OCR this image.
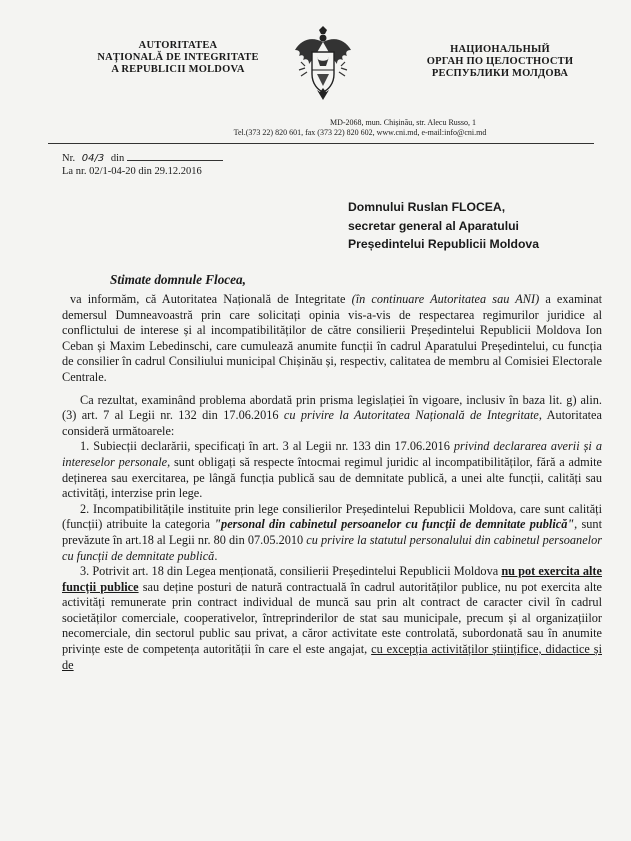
AUTORITATEA
NAȚIONALĂ DE INTEGRITATE
A REPUBLICII MOLDOVA
НАЦИОНАЛЬНЫЙ
ОРГАН ПО ЦЕЛОСТНОСТИ
РЕСПУБЛИКИ МОЛДОВА
MD-2068, mun. Chișinău, str. Alecu Russo, 1
Tel.(373 22) 820 601, fax (373 22) 820 602, www.cni.md, e-mail:info@cni.md
Nr. 04/3 din
La nr. 02/1-04-20 din 29.12.2016
Domnului Ruslan FLOCEA,
secretar general al Aparatului
Președintelui Republicii Moldova
Stimate domnule Flocea,

va informăm, că Autoritatea Națională de Integritate (în continuare Autoritatea sau ANI) a examinat demersul Dumneavoastră prin care solicitați opinia vis-a-vis de respectarea regimurilor juridice al conflictului de interese și al incompatibilităților de către consilierii Președintelui Republicii Moldova Ion Ceban și Maxim Lebedinschi, care cumulează anumite funcții în cadrul Aparatului Președintelui, cu funcția de consilier în cadrul Consiliului municipal Chișinău și, respectiv, calitatea de membru al Comisiei Electorale Centrale.

Ca rezultat, examinând problema abordată prin prisma legislației în vigoare, inclusiv în baza lit. g) alin. (3) art. 7 al Legii nr. 132 din 17.06.2016 cu privire la Autoritatea Națională de Integritate, Autoritatea consideră următoarele:

1. Subiecții declarării, specificați în art. 3 al Legii nr. 133 din 17.06.2016 privind declararea averii și a intereselor personale, sunt obligați să respecte întocmai regimul juridic al incompatibilităților, fără a admite deținerea sau exercitarea, pe lângă funcția publică sau de demnitate publică, a unei alte funcții, calități sau activități, interzise prin lege.

2. Incompatibilitățile instituite prin lege consilierilor Președintelui Republicii Moldova, care sunt calități (funcții) atribuite la categoria "personal din cabinetul persoanelor cu funcții de demnitate publică", sunt prevăzute în art.18 al Legii nr. 80 din 07.05.2010 cu privire la statutul personalului din cabinetul persoanelor cu funcții de demnitate publică.

3. Potrivit art. 18 din Legea menționată, consilierii Președintelui Republicii Moldova nu pot exercita alte funcții publice sau deține posturi de natură contractuală în cadrul autorităților publice, nu pot exercita alte activități remunerate prin contract individual de muncă sau prin alt contract de caracter civil în cadrul societăților comerciale, cooperativelor, întreprinderilor de stat sau municipale, precum și al organizațiilor necomerciale, din sectorul public sau privat, a căror activitate este controlată, subordonată sau în anumite privințe este de competența autorității în care el este angajat, cu excepția activităților științifice, didactice și de
